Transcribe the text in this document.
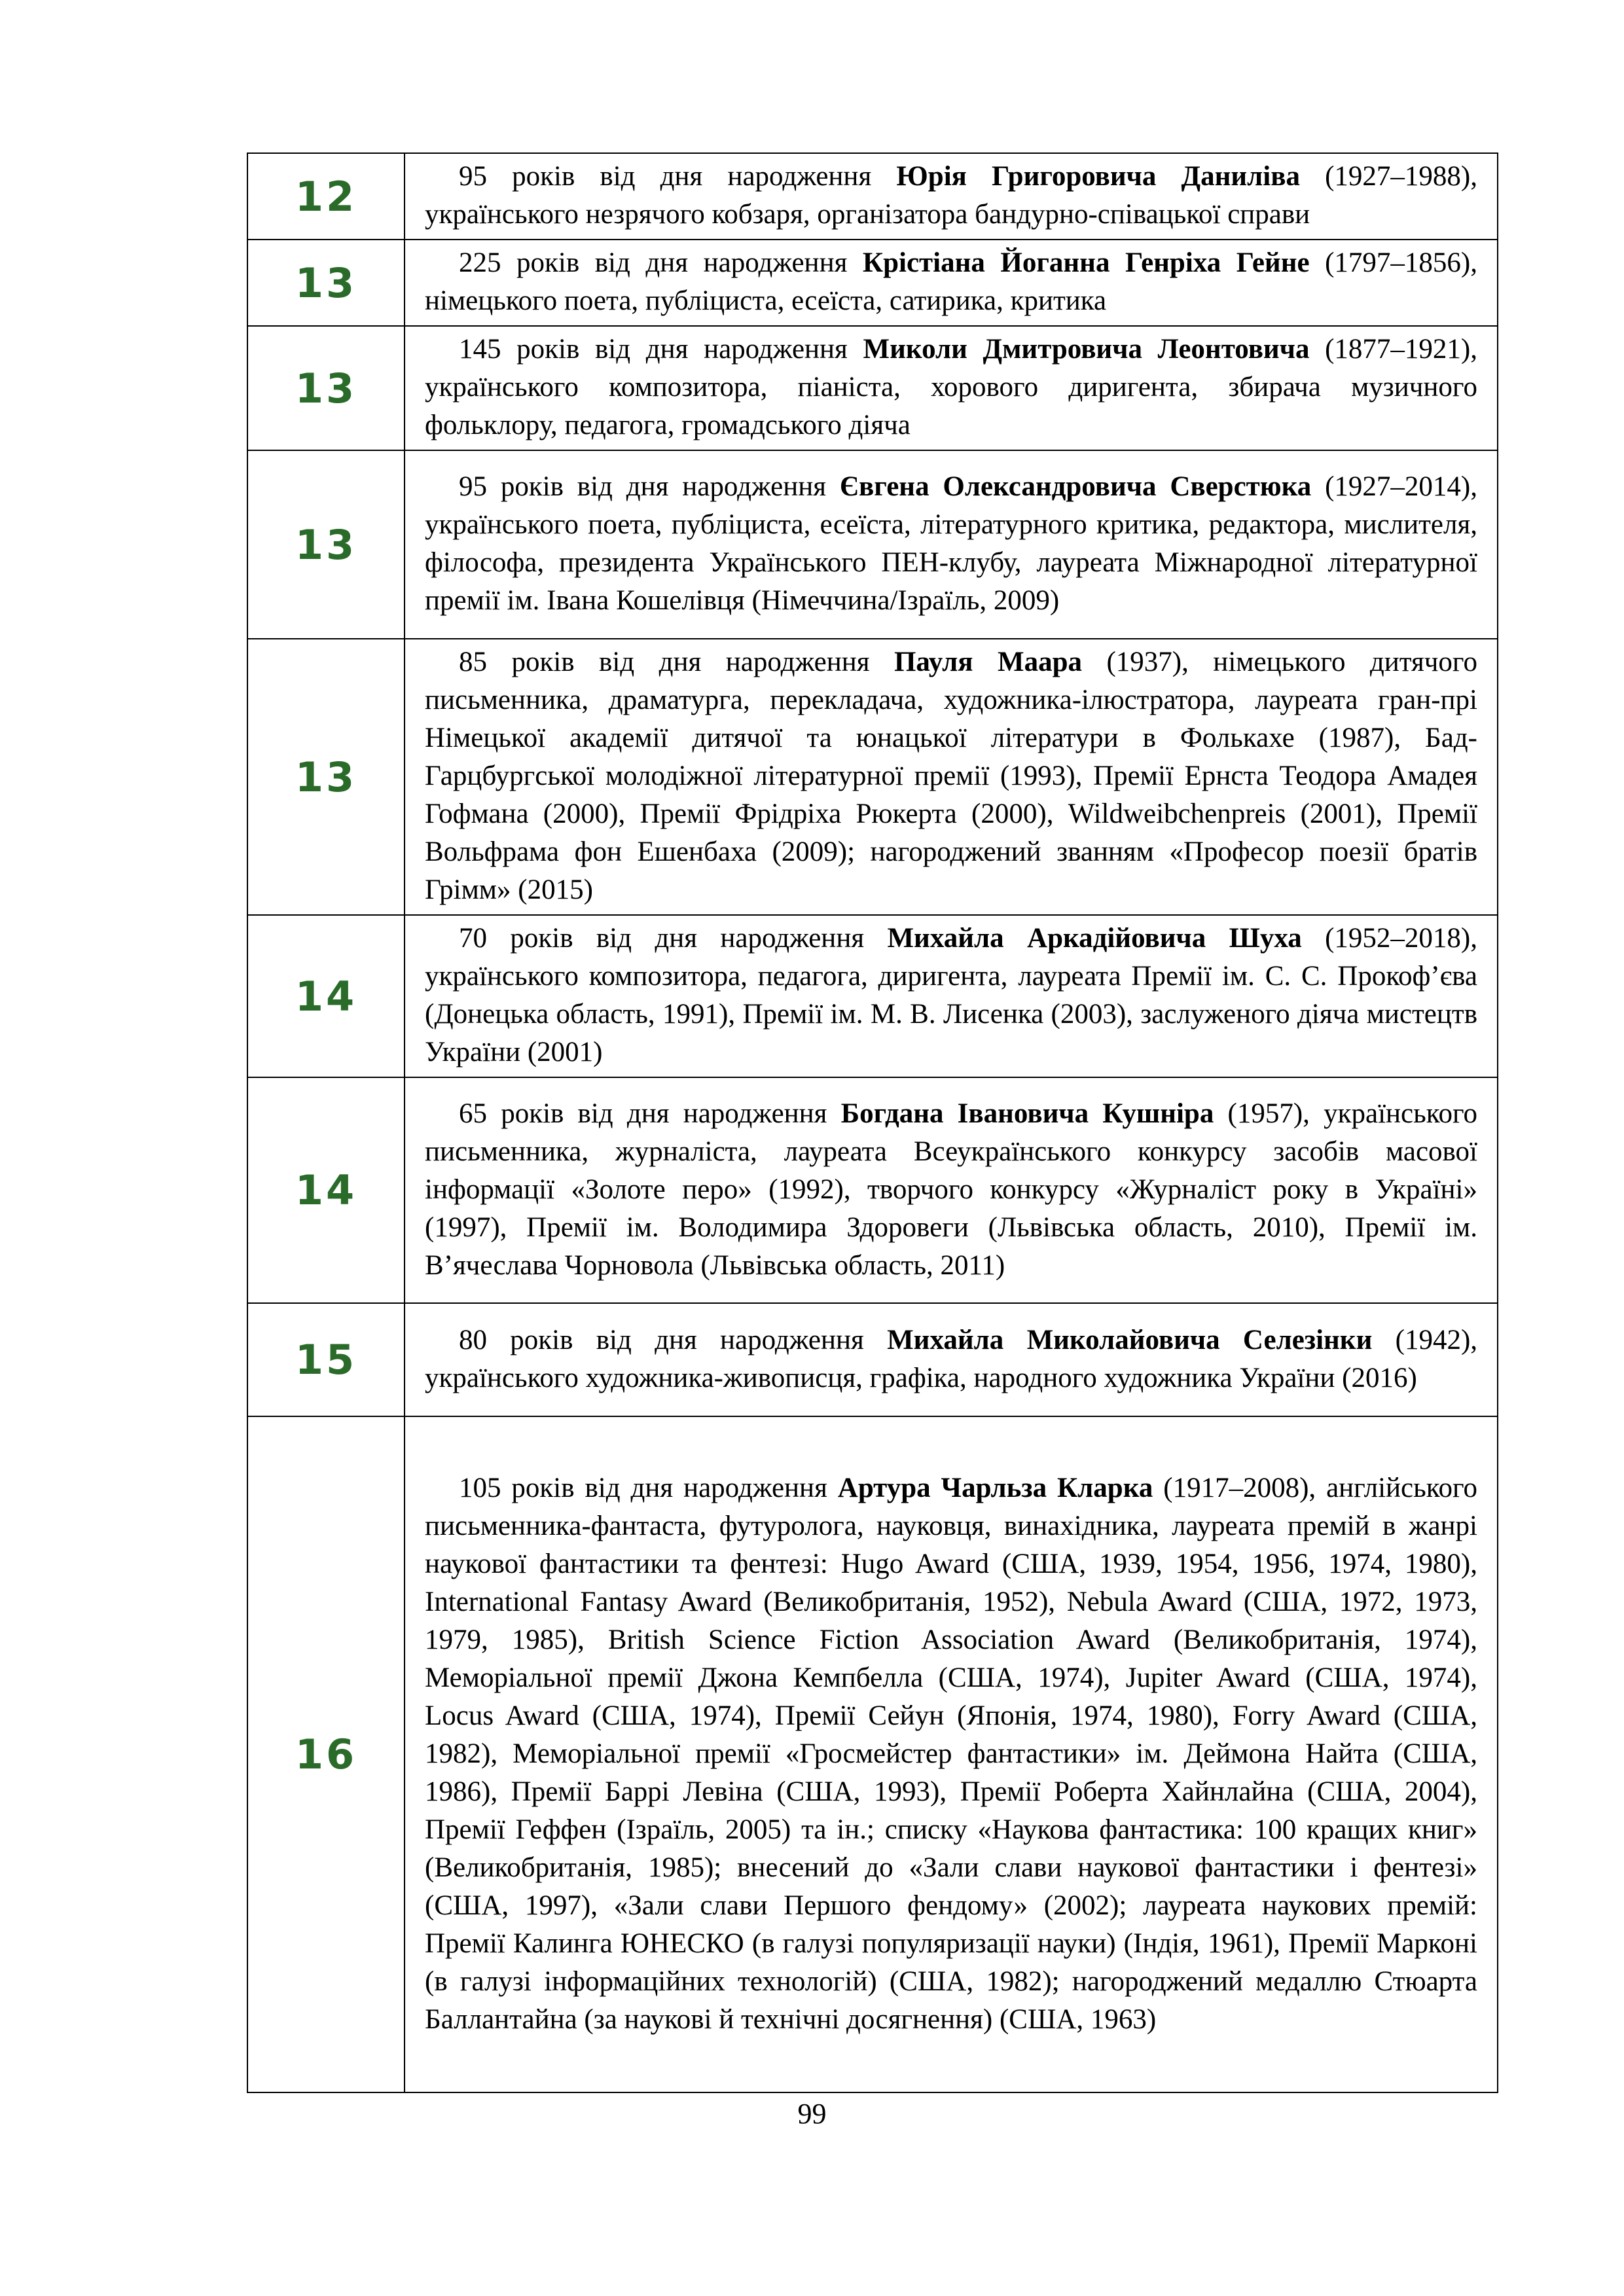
12	95 років від дня народження Юрія Григоровича Даниліва (1927–1988), українського незрячого кобзаря, організатора бандурно-співацької справи

13	225 років від дня народження Крістіана Йоганна Генріха Гейне (1797–1856), німецького поета, публіциста, есеїста, сатирика, критика

13	145 років від дня народження Миколи Дмитровича Леонтовича (1877–1921), українського композитора, піаніста, хорового диригента, збирача музичного фольклору, педагога, громадського діяча

13	95 років від дня народження Євгена Олександровича Сверстюка (1927–2014), українського поета, публіциста, есеїста, літературного критика, редактора, мислителя, філософа, президента Українського ПЕН-клубу, лауреата Міжнародної літературної премії ім. Івана Кошелівця (Німеччина/Ізраїль, 2009)

13	85 років від дня народження Пауля Маара (1937), німецького дитячого письменника, драматурга, перекладача, художника-ілюстратора, лауреата гран-прі Німецької академії дитячої та юнацької літератури в Фолькахе (1987), Бад-Гарцбургської молодіжної літературної премії (1993), Премії Ернста Теодора Амадея Гофмана (2000), Премії Фрідріха Рюкерта (2000), Wildweibchenpreis (2001), Премії Вольфрама фон Ешенбаха (2009); нагороджений званням «Професор поезії братів Грімм» (2015)

14	70 років від дня народження Михайла Аркадійовича Шуха (1952–2018), українського композитора, педагога, диригента, лауреата Премії ім. С. С. Прокоф’єва (Донецька область, 1991), Премії ім. М. В. Лисенка (2003), заслуженого діяча мистецтв України (2001)

14	65 років від дня народження Богдана Івановича Кушніра (1957), українського письменника, журналіста, лауреата Всеукраїнського конкурсу засобів масової інформації «Золоте перо» (1992), творчого конкурсу «Журналіст року в Україні» (1997), Премії ім. Володимира Здоровеги (Львівська область, 2010), Премії ім. В’ячеслава Чорновола (Львівська область, 2011)

15	80 років від дня народження Михайла Миколайовича Селезінки (1942), українського художника-живописця, графіка, народного художника України (2016)

16	105 років від дня народження Артура Чарльза Кларка (1917–2008), англійського письменника-фантаста, футуролога, науковця, винахідника, лауреата премій в жанрі наукової фантастики та фентезі: Hugo Award (США, 1939, 1954, 1956, 1974, 1980), International Fantasy Award (Великобританія, 1952), Nebula Award (США, 1972, 1973, 1979, 1985), British Science Fiction Association Award (Великобританія, 1974), Меморіальної премії Джона Кемпбелла (США, 1974), Jupiter Award (США, 1974), Locus Award (США, 1974), Премії Сейун (Японія, 1974, 1980), Forry Award (США, 1982), Меморіальної премії «Гросмейстер фантастики» ім. Деймона Найта (США, 1986), Премії Баррі Левіна (США, 1993), Премії Роберта Хайнлайна (США, 2004), Премії Геффен (Ізраїль, 2005) та ін.; списку «Наукова фантастика: 100 кращих книг» (Великобританія, 1985); внесений до «Зали слави наукової фантастики і фентезі» (США, 1997), «Зали слави Першого фендому» (2002); лауреата наукових премій: Премії Калинга ЮНЕСКО (в галузі популяризації науки) (Індія, 1961), Премії Марконі (в галузі інформаційних технологій) (США, 1982); нагороджений медаллю Стюарта Баллантайна (за наукові й технічні досягнення) (США, 1963)

99
